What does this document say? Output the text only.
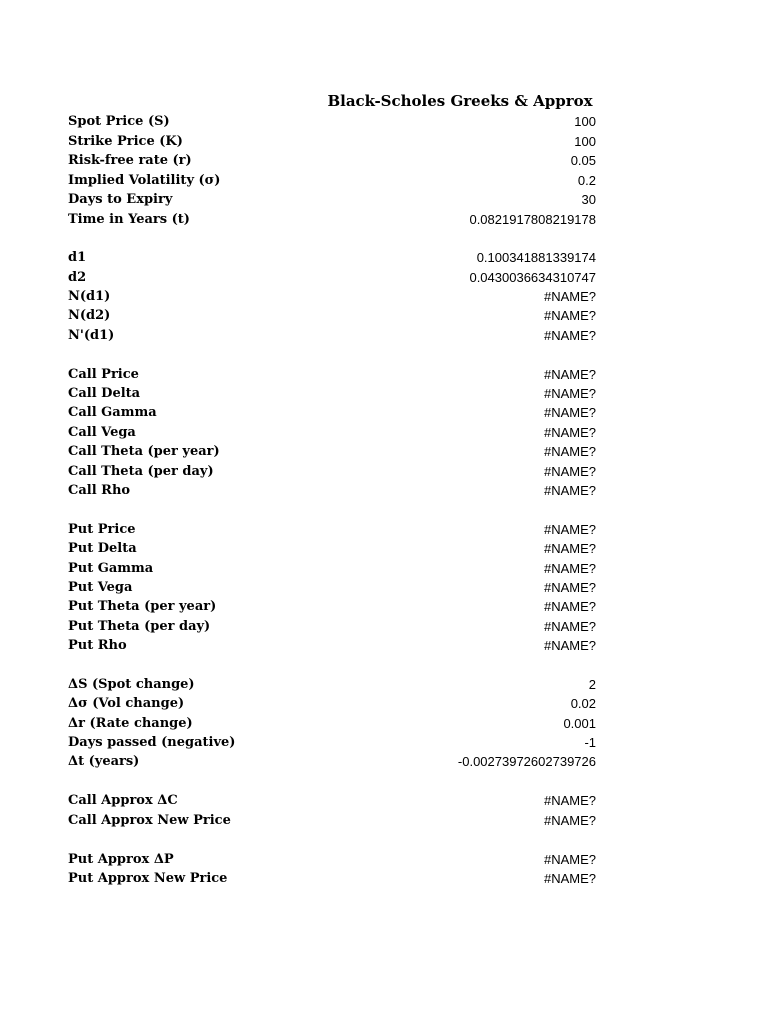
Black-Scholes Greeks & Approx
Spot Price (S)	100
Strike Price (K)	100
Risk-free rate (r)	0.05
Implied Volatility (σ)	0.2
Days to Expiry	30
Time in Years (t)	0.0821917808219178
d1	0.100341881339174
d2	0.0430036634310747
N(d1)	#NAME?
N(d2)	#NAME?
N'(d1)	#NAME?
Call Price	#NAME?
Call Delta	#NAME?
Call Gamma	#NAME?
Call Vega	#NAME?
Call Theta (per year)	#NAME?
Call Theta (per day)	#NAME?
Call Rho	#NAME?
Put Price	#NAME?
Put Delta	#NAME?
Put Gamma	#NAME?
Put Vega	#NAME?
Put Theta (per year)	#NAME?
Put Theta (per day)	#NAME?
Put Rho	#NAME?
ΔS (Spot change)	2
Δσ (Vol change)	0.02
Δr (Rate change)	0.001
Days passed (negative)	-1
Δt (years)	-0.00273972602739726
Call Approx ΔC	#NAME?
Call Approx New Price	#NAME?
Put Approx ΔP	#NAME?
Put Approx New Price	#NAME?
